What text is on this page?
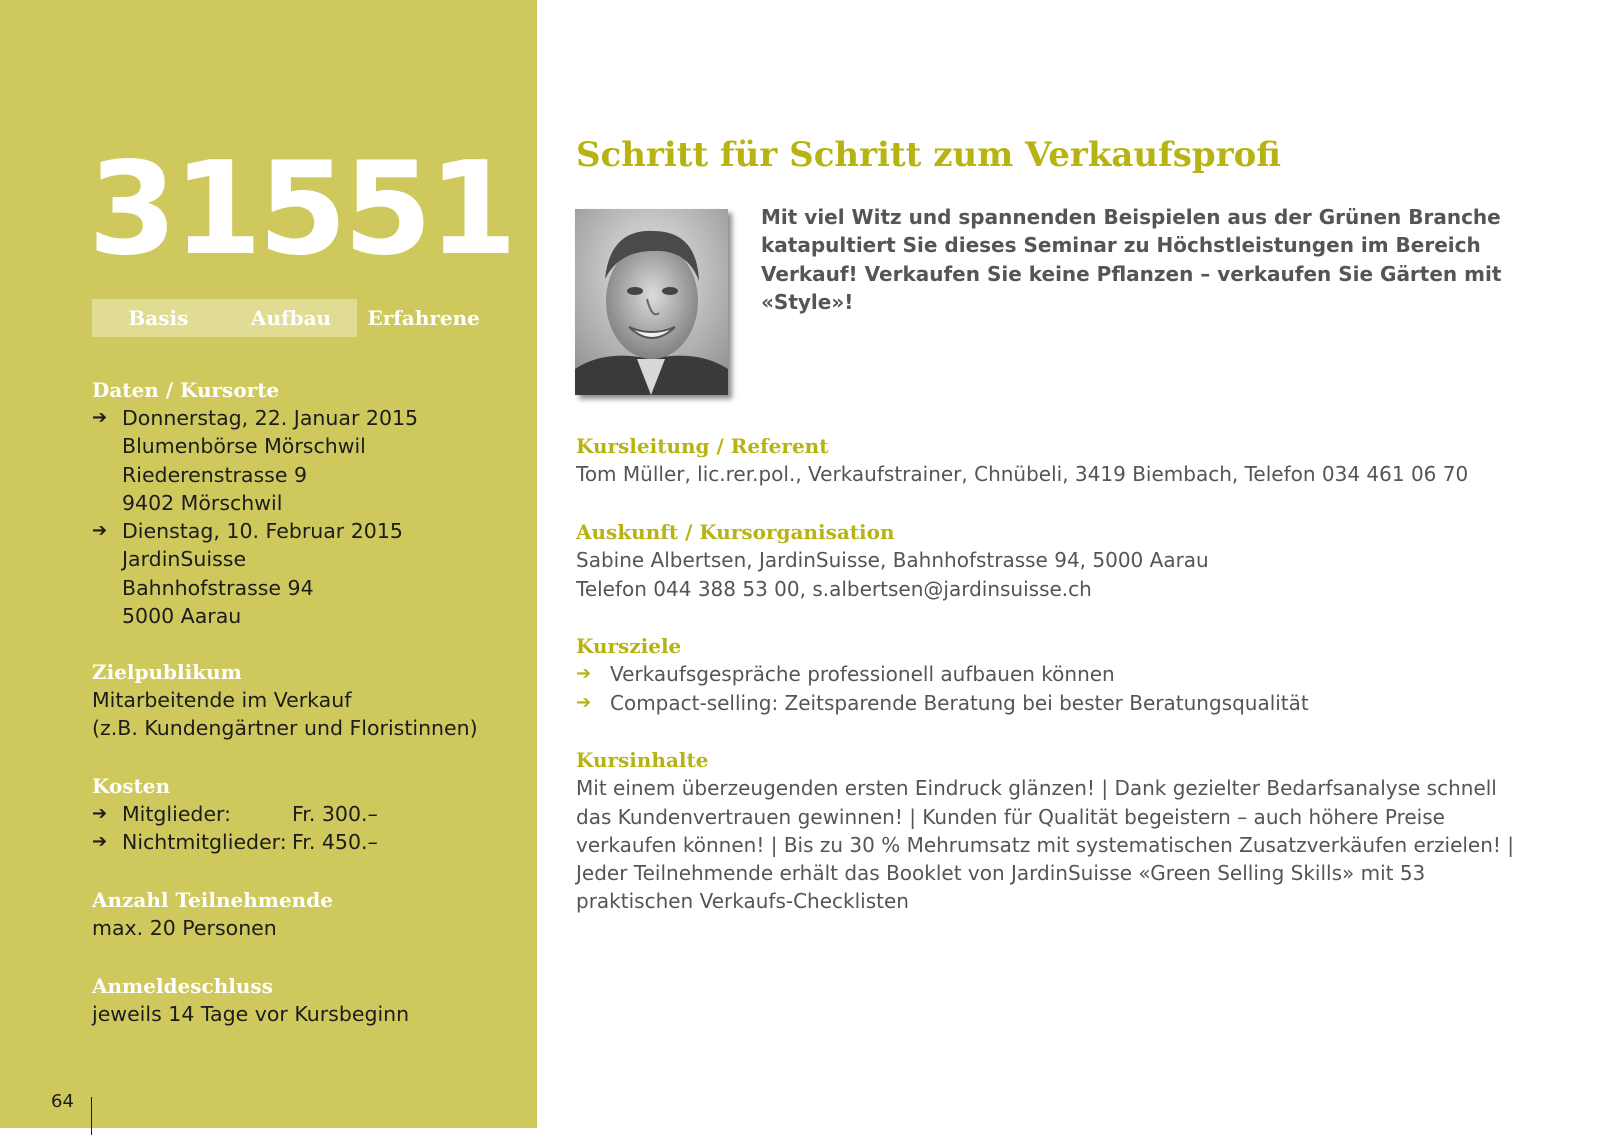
31551
Basis	Aufbau	Erfahrene
Daten / Kursorte
➔ Donnerstag, 22. Januar 2015
Blumenbörse Mörschwil
Riederenstrasse 9
9402 Mörschwil
➔ Dienstag, 10. Februar 2015
JardinSuisse
Bahnhofstrasse 94
5000 Aarau
Zielpublikum
Mitarbeitende im Verkauf
(z.B. Kundengärtner und Floristinnen)
Kosten
➔ Mitglieder:	Fr. 300.–
➔ Nichtmitglieder: Fr. 450.–
Anzahl Teilnehmende
max. 20 Personen
Anmeldeschluss
jeweils 14 Tage vor Kursbeginn
64
Schritt für Schritt zum Verkaufsprofi
Mit viel Witz und spannenden Beispielen aus der Grünen Branche katapultiert Sie dieses Seminar zu Höchstleistungen im Bereich Verkauf! Verkaufen Sie keine Pflanzen – verkaufen Sie Gärten mit «Style»!
Kursleitung / Referent
Tom Müller, lic.rer.pol., Verkaufstrainer, Chnübeli, 3419 Biembach, Telefon 034 461 06 70
Auskunft / Kursorganisation
Sabine Albertsen, JardinSuisse, Bahnhofstrasse 94, 5000 Aarau
Telefon 044 388 53 00, s.albertsen@jardinsuisse.ch
Kursziele
➔ Verkaufsgespräche professionell aufbauen können
➔ Compact-selling: Zeitsparende Beratung bei bester Beratungsqualität
Kursinhalte
Mit einem überzeugenden ersten Eindruck glänzen! | Dank gezielter Bedarfsanalyse schnell das Kundenvertrauen gewinnen! | Kunden für Qualität begeistern – auch höhere Preise verkaufen können! | Bis zu 30 % Mehrumsatz mit systematischen Zusatzverkäufen erzielen! | Jeder Teilnehmende erhält das Booklet von JardinSuisse «Green Selling Skills» mit 53 praktischen Verkaufs-Checklisten
